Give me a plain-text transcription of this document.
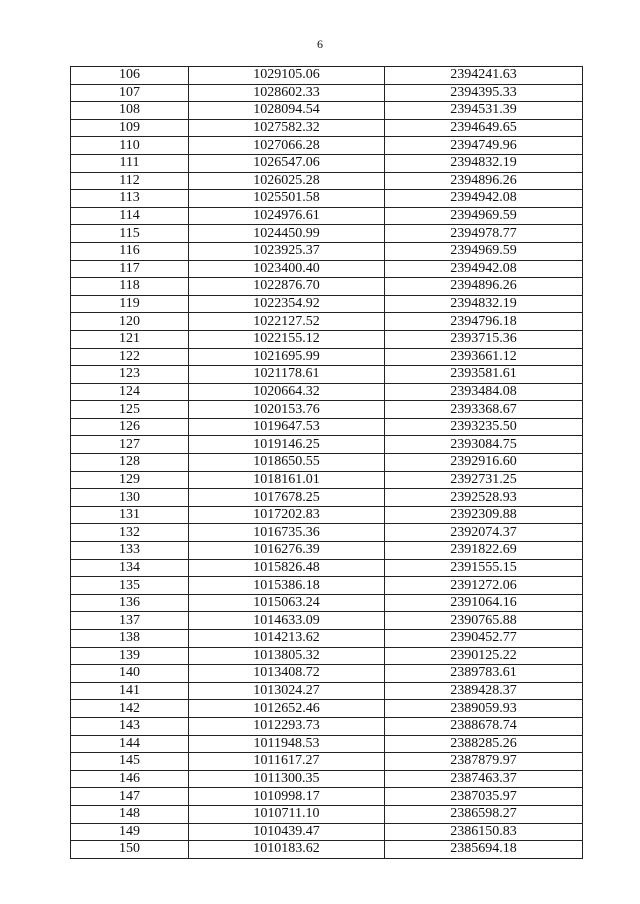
6
106	1029105.06	2394241.63
107	1028602.33	2394395.33
108	1028094.54	2394531.39
109	1027582.32	2394649.65
110	1027066.28	2394749.96
111	1026547.06	2394832.19
112	1026025.28	2394896.26
113	1025501.58	2394942.08
114	1024976.61	2394969.59
115	1024450.99	2394978.77
116	1023925.37	2394969.59
117	1023400.40	2394942.08
118	1022876.70	2394896.26
119	1022354.92	2394832.19
120	1022127.52	2394796.18
121	1022155.12	2393715.36
122	1021695.99	2393661.12
123	1021178.61	2393581.61
124	1020664.32	2393484.08
125	1020153.76	2393368.67
126	1019647.53	2393235.50
127	1019146.25	2393084.75
128	1018650.55	2392916.60
129	1018161.01	2392731.25
130	1017678.25	2392528.93
131	1017202.83	2392309.88
132	1016735.36	2392074.37
133	1016276.39	2391822.69
134	1015826.48	2391555.15
135	1015386.18	2391272.06
136	1015063.24	2391064.16
137	1014633.09	2390765.88
138	1014213.62	2390452.77
139	1013805.32	2390125.22
140	1013408.72	2389783.61
141	1013024.27	2389428.37
142	1012652.46	2389059.93
143	1012293.73	2388678.74
144	1011948.53	2388285.26
145	1011617.27	2387879.97
146	1011300.35	2387463.37
147	1010998.17	2387035.97
148	1010711.10	2386598.27
149	1010439.47	2386150.83
150	1010183.62	2385694.18
